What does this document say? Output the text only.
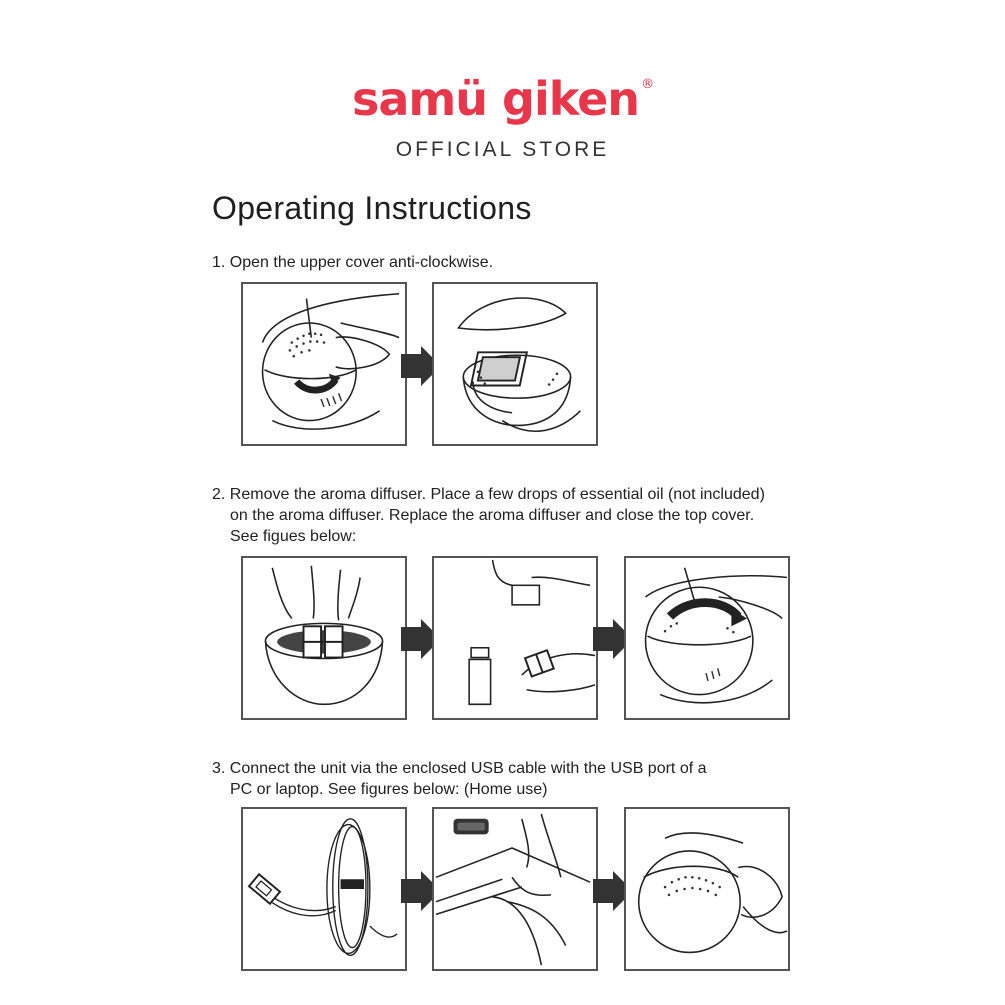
samü giken ®
OFFICIAL STORE
Operating Instructions
1. Open the upper cover anti-clockwise.
2. Remove the aroma diffuser. Place a few drops of essential oil (not included)
on the aroma diffuser. Replace the aroma diffuser and close the top cover.
See figues below:
3. Connect the unit via the enclosed USB cable with the USB port of a
PC or laptop. See figures below: (Home use)
